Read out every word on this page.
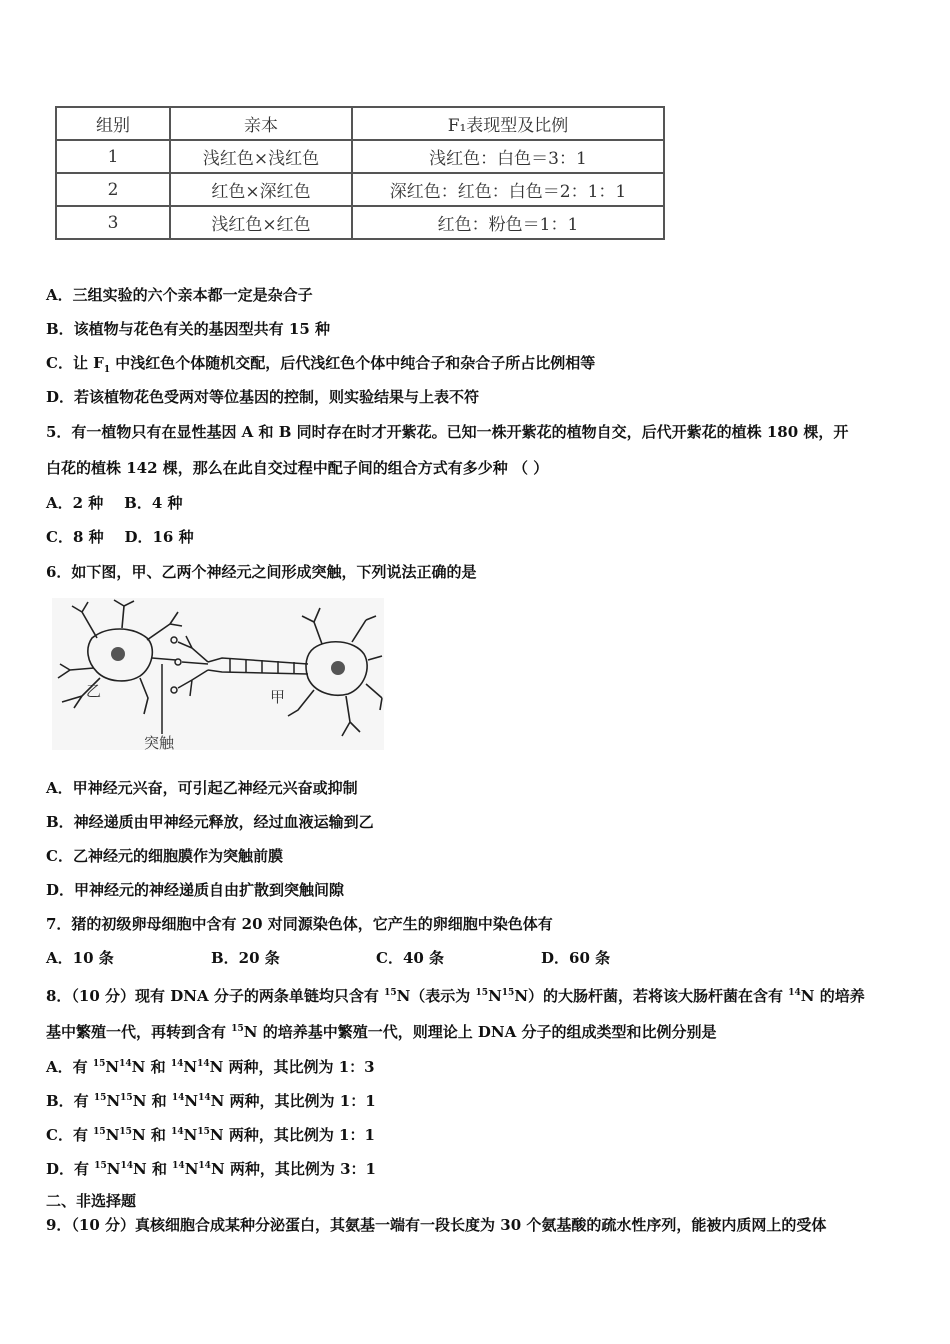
组别	亲本	F₁表现型及比例
1	浅红色×浅红色	浅红色：白色＝3：1
2	红色×深红色	深红色：红色：白色＝2：1：1
3	浅红色×红色	红色：粉色＝1：1
A．三组实验的六个亲本都一定是杂合子
B．该植物与花色有关的基因型共有 15 种
C．让 $F_1$ 中浅红色个体随机交配，后代浅红色个体中纯合子和杂合子所占比例相等
D．若该植物花色受两对等位基因的控制，则实验结果与上表不符
5．有一植物只有在显性基因 A 和 B 同时存在时才开紫花。已知一株开紫花的植物自交，后代开紫花的植株 180 棵，开
白花的植株 142 棵，那么在此自交过程中配子间的组合方式有多少种 （ ）
A．2 种    B．4 种
C．8 种    D．16 种
6．如下图，甲、乙两个神经元之间形成突触，下列说法正确的是
乙	甲
突触
A．甲神经元兴奋，可引起乙神经元兴奋或抑制
B．神经递质由甲神经元释放，经过血液运输到乙
C．乙神经元的细胞膜作为突触前膜
D．甲神经元的神经递质自由扩散到突触间隙
7．猪的初级卵母细胞中含有 20 对同源染色体，它产生的卵细胞中染色体有
A．10 条	B．20 条	C．40 条	D．60 条
8．（10 分）现有 DNA 分子的两条单链均只含有 $^{15}$N（表示为 $^{15}N^{15}N$）的大肠杆菌，若将该大肠杆菌在含有 $^{14}$N 的培养
基中繁殖一代，再转到含有 $^{15}$N 的培养基中繁殖一代，则理论上 DNA 分子的组成类型和比例分别是
A．有 $^{15}N^{14}N$ 和 $^{14}N^{14}N$ 两种，其比例为 1：3
B．有 $^{15}N^{15}N$ 和 $^{14}N^{14}N$ 两种，其比例为 1：1
C．有 $^{15}N^{15}N$ 和 $^{14}N^{15}N$ 两种，其比例为 1：1
D．有 $^{15}N^{14}N$ 和 $^{14}N^{14}N$ 两种，其比例为 3：1
二、非选择题
9．（10 分）真核细胞合成某种分泌蛋白，其氨基一端有一段长度为 30 个氨基酸的疏水性序列，能被内质网上的受体
